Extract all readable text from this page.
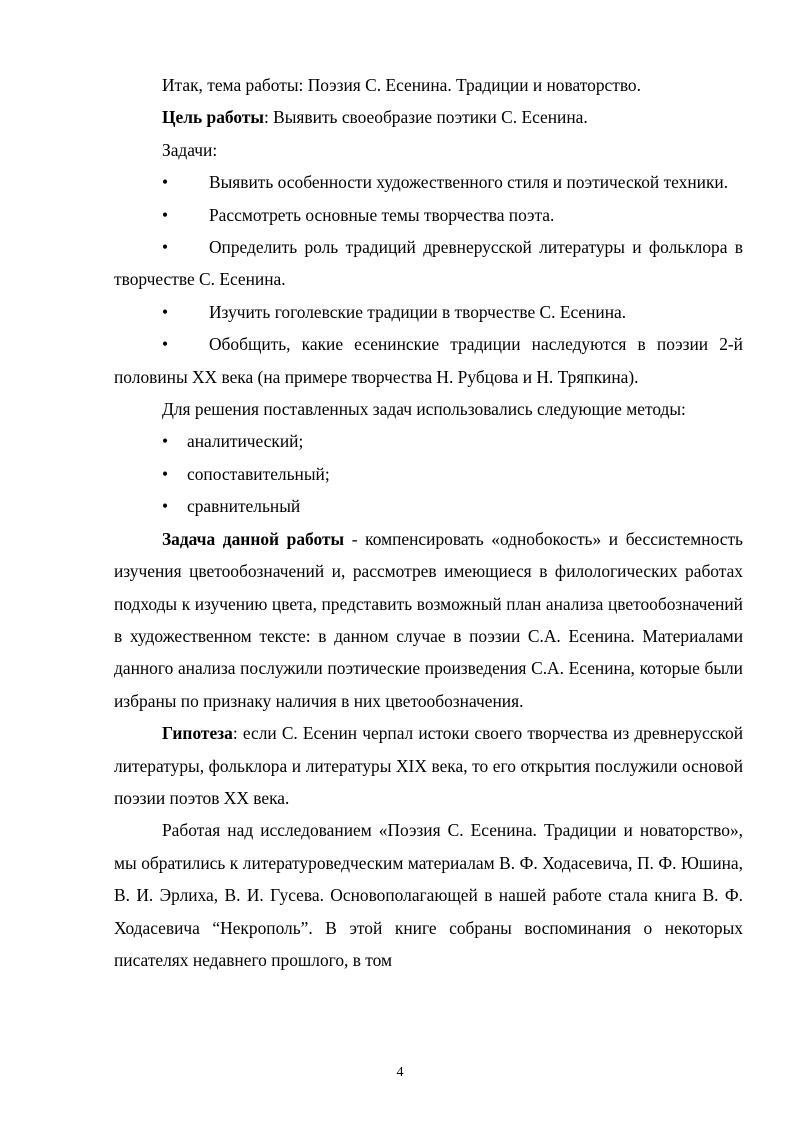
Итак, тема работы: Поэзия С. Есенина. Традиции и новаторство.

Цель работы: Выявить своеобразие поэтики С. Есенина.

Задачи:

• Выявить особенности художественного стиля и поэтической техники.

• Рассмотреть основные темы творчества поэта.

• Определить роль традиций древнерусской литературы и фольклора в творчестве С. Есенина.

• Изучить гоголевские традиции в творчестве С. Есенина.

• Обобщить, какие есенинские традиции наследуются в поэзии 2-й половины XX века (на примере творчества Н. Рубцова и Н. Тряпкина).

Для решения поставленных задач использовались следующие методы:

• аналитический;
• сопоставительный;
• сравнительный

Задача данной работы - компенсировать «однобокость» и бессистемность изучения цветообозначений и, рассмотрев имеющиеся в филологических работах подходы к изучению цвета, представить возможный план анализа цветообозначений в художественном тексте: в данном случае в поэзии С.А. Есенина. Материалами данного анализа послужили поэтические произведения С.А. Есенина, которые были избраны по признаку наличия в них цветообозначения.

Гипотеза: если С. Есенин черпал истоки своего творчества из древнерусской литературы, фольклора и литературы XIX века, то его открытия послужили основой поэзии поэтов XX века.

Работая над исследованием «Поэзия С. Есенина. Традиции и новаторство», мы обратились к литературоведческим материалам В. Ф. Ходасевича, П. Ф. Юшина, В. И. Эрлиха, В. И. Гусева. Основополагающей в нашей работе стала книга В. Ф. Ходасевича “Некрополь”. В этой книге собраны воспоминания о некоторых писателях недавнего прошлого, в том

4
